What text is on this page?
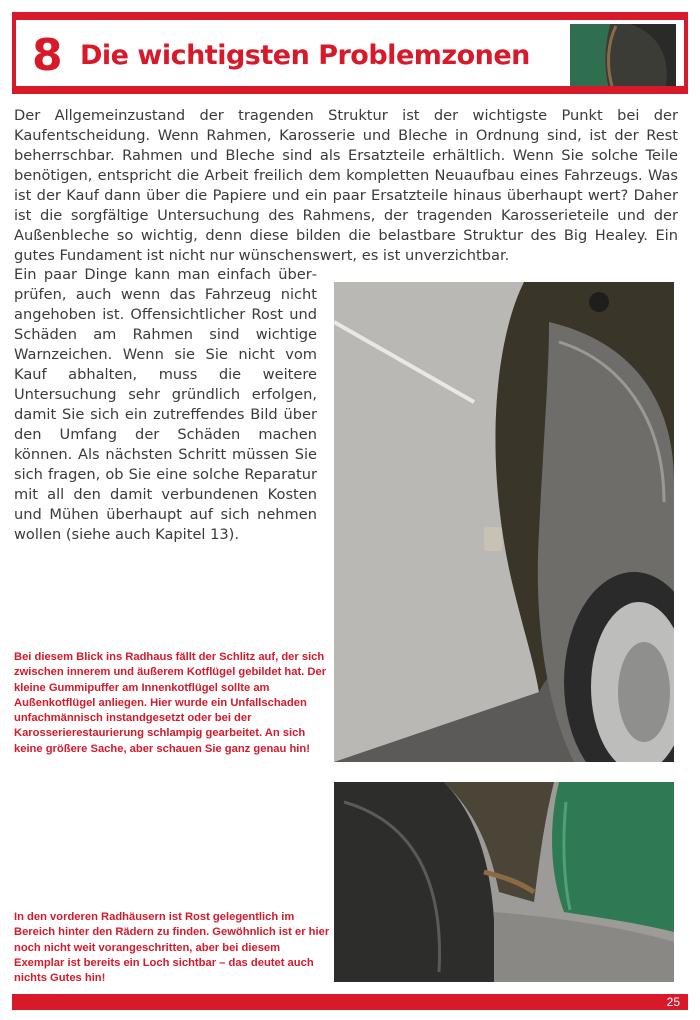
8 Die wichtigsten Problemzonen

Der Allgemeinzustand der tragenden Struktur ist der wichtigste Punkt bei der Kaufentscheidung. Wenn Rahmen, Karosserie und Bleche in Ordnung sind, ist der Rest beherrschbar. Rahmen und Bleche sind als Ersatzteile erhältlich. Wenn Sie solche Teile benötigen, entspricht die Arbeit freilich dem kompletten Neuaufbau eines Fahrzeugs. Was ist der Kauf dann über die Papiere und ein paar Ersatzteile hinaus überhaupt wert? Daher ist die sorgfältige Untersuchung des Rahmens, der tragenden Karosserieteile und der Außenbleche so wichtig, denn diese bilden die belastbare Struktur des Big Healey. Ein gutes Fundament ist nicht nur wünschenswert, es ist unverzichtbar.

Ein paar Dinge kann man einfach überprüfen, auch wenn das Fahrzeug nicht angehoben ist. Offensichtlicher Rost und Schäden am Rahmen sind wichtige Warnzeichen. Wenn sie Sie nicht vom Kauf abhalten, muss die weitere Untersuchung sehr gründlich erfolgen, damit Sie sich ein zutreffendes Bild über den Umfang der Schäden machen können. Als nächsten Schritt müssen Sie sich fragen, ob Sie eine solche Reparatur mit all den damit verbundenen Kosten und Mühen überhaupt auf sich nehmen wollen (siehe auch Kapitel 13).

Bei diesem Blick ins Radhaus fällt der Schlitz auf, der sich zwischen innerem und äußerem Kotflügel gebildet hat. Der kleine Gummipuffer am Innenkotflügel sollte am Außenkotflügel anliegen. Hier wurde ein Unfallschaden unfachmännisch instandgesetzt oder bei der Karosserierestaurierung schlampig gearbeitet. An sich keine größere Sache, aber schauen Sie ganz genau hin!

In den vorderen Radhäusern ist Rost gelegentlich im Bereich hinter den Rädern zu finden. Gewöhnlich ist er hier noch nicht weit vorangeschritten, aber bei diesem Exemplar ist bereits ein Loch sichtbar – das deutet auch nichts Gutes hin!

25
